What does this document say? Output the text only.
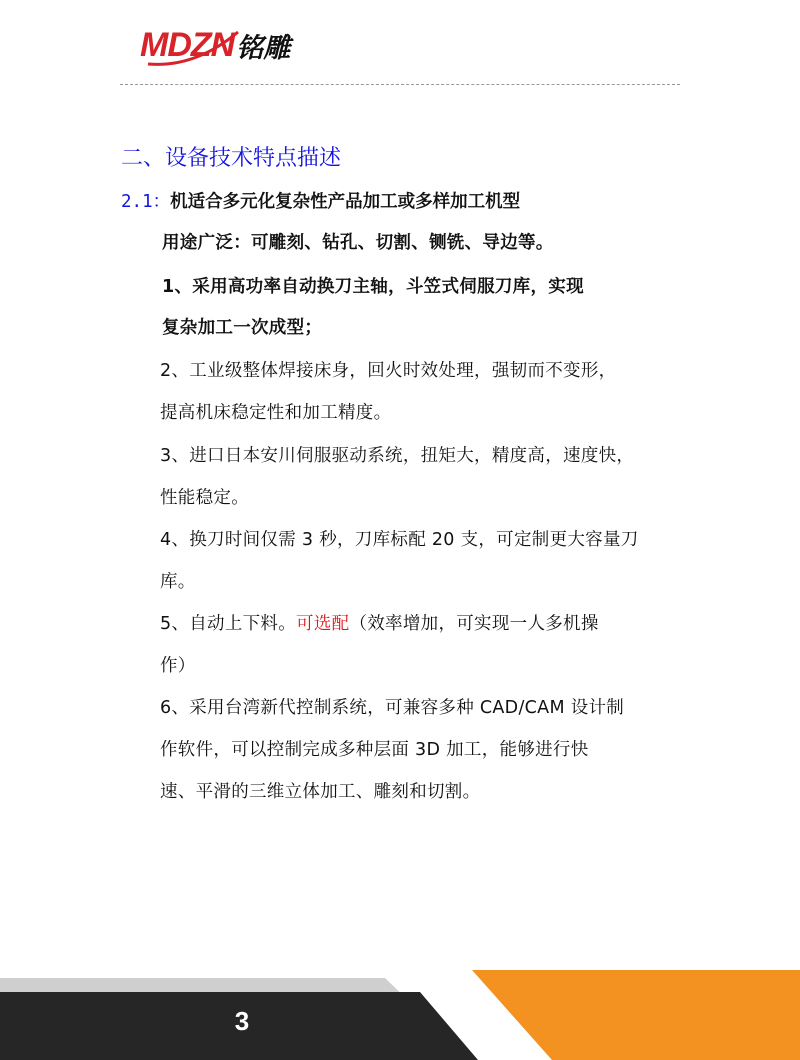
MDZN 铭雕
二、设备技术特点描述
2.1：机适合多元化复杂性产品加工或多样加工机型
用途广泛：可雕刻、钻孔、切割、铡铣、导边等。
1、采用高功率自动换刀主轴，斗笠式伺服刀库，实现
复杂加工一次成型；
2、工业级整体焊接床身，回火时效处理，强韧而不变形，
提高机床稳定性和加工精度。
3、进口日本安川伺服驱动系统，扭矩大，精度高，速度快，
性能稳定。
4、换刀时间仅需 3 秒，刀库标配 20 支，可定制更大容量刀
库。
5、自动上下料。可选配（效率增加，可实现一人多机操
作）
6、采用台湾新代控制系统，可兼容多种 CAD/CAM 设计制
作软件，可以控制完成多种层面 3D 加工，能够进行快
速、平滑的三维立体加工、雕刻和切割。
3
